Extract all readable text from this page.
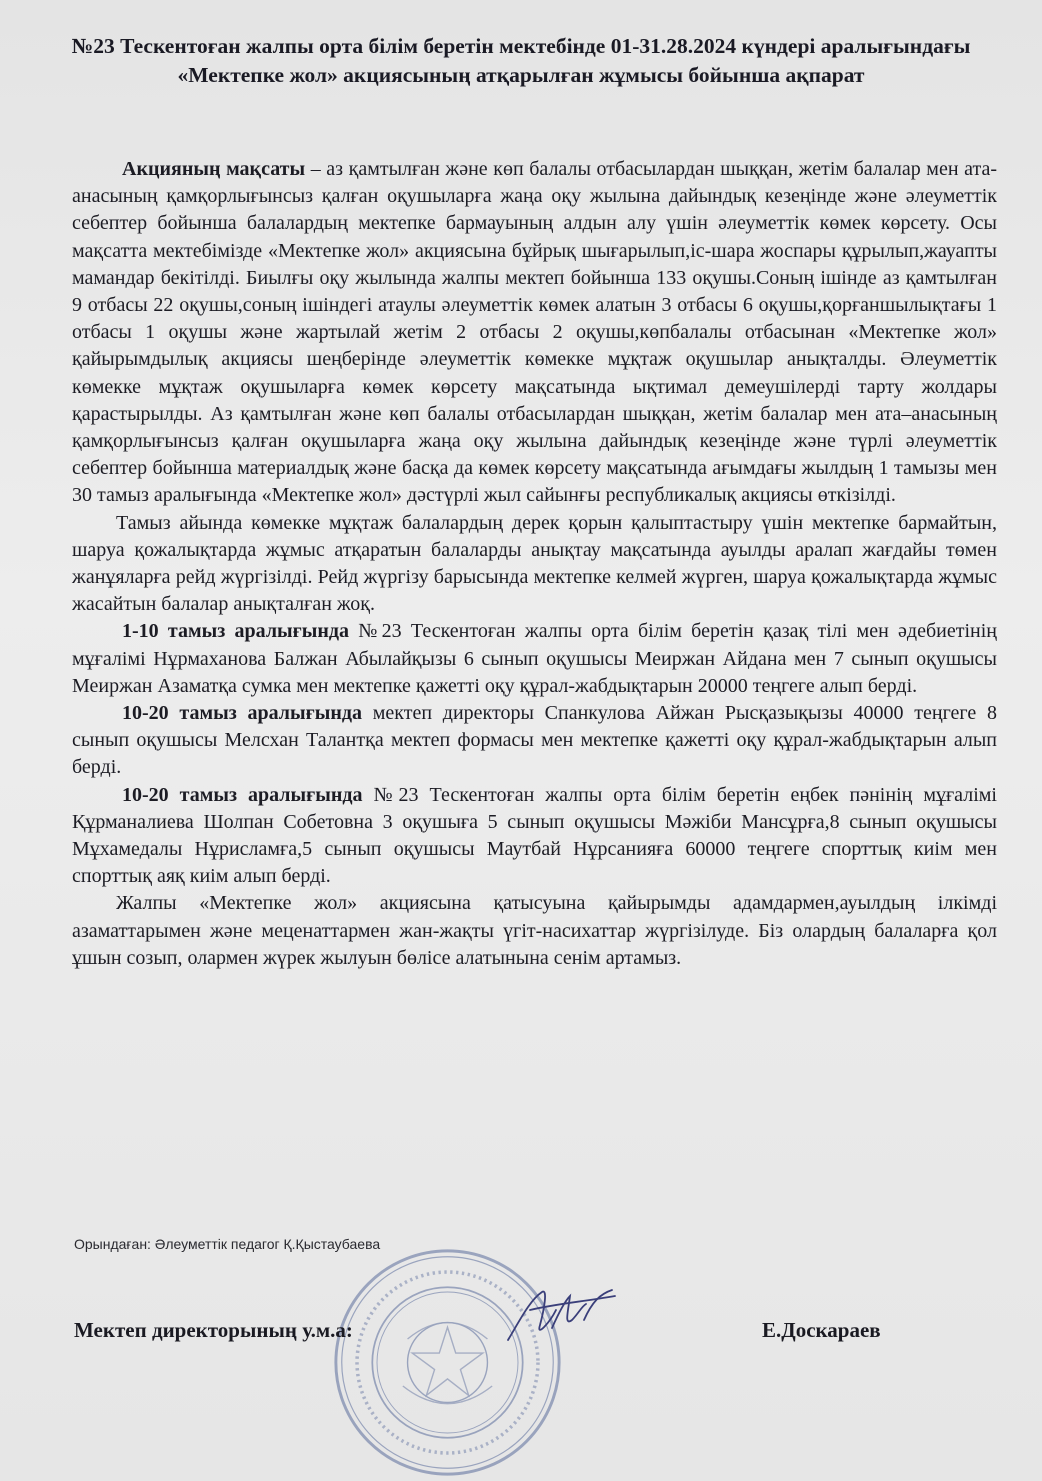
№23 Тескентоған жалпы орта білім беретін мектебінде 01-31.28.2024 күндері аралығындағы «Мектепке жол» акциясының атқарылған жұмысы бойынша ақпарат

Акцияның мақсаты – аз қамтылған және көп балалы отбасылардан шыққан, жетім балалар мен ата-анасының қамқорлығынсыз қалған оқушыларға жаңа оқу жылына дайындық кезеңінде және әлеуметтік себептер бойынша балалардың мектепке бармауының алдын алу үшін әлеуметтік көмек көрсету. Осы мақсатта мектебімізде «Мектепке жол» акциясына бұйрық шығарылып,іс-шара жоспары құрылып,жауапты мамандар бекітілді. Биылғы оқу жылында жалпы мектеп бойынша 133 оқушы.Соның ішінде аз қамтылған 9 отбасы 22 оқушы,соның ішіндегі атаулы әлеуметтік көмек алатын 3 отбасы 6 оқушы,қорғаншылықтағы 1 отбасы 1 оқушы және жартылай жетім 2 отбасы 2 оқушы,көпбалалы отбасынан «Мектепке жол» қайырымдылық акциясы шеңберінде әлеуметтік көмекке мұқтаж оқушылар анықталды. Әлеуметтік көмекке мұқтаж оқушыларға көмек көрсету мақсатында ықтимал демеушілерді тарту жолдары қарастырылды. Аз қамтылған және көп балалы отбасылардан шыққан, жетім балалар мен ата–анасының қамқорлығынсыз қалған оқушыларға жаңа оқу жылына дайындық кезеңінде және түрлі әлеуметтік себептер бойынша материалдық және басқа да көмек көрсету мақсатында ағымдағы жылдың 1 тамызы мен 30 тамыз аралығында «Мектепке жол» дәстүрлі жыл сайынғы республикалық акциясы өткізілді.

Тамыз айында көмекке мұқтаж балалардың дерек қорын қалыптастыру үшін мектепке бармайтын, шаруа қожалықтарда жұмыс атқаратын балаларды анықтау мақсатында ауылды аралап жағдайы төмен жанұяларға рейд жүргізілді. Рейд жүргізу барысында мектепке келмей жүрген, шаруа қожалықтарда жұмыс жасайтын балалар анықталған жоқ.

1-10 тамыз аралығында №23 Тескентоған жалпы орта білім беретін қазақ тілі мен әдебиетінің мұғалімі Нұрмаханова Балжан Абылайқызы 6 сынып оқушысы Меиржан Айдана мен 7 сынып оқушысы Меиржан Азаматқа сумка мен мектепке қажетті оқу құрал-жабдықтарын 20000 теңгеге алып берді.

10-20 тамыз аралығында мектеп директоры Спанкулова Айжан Рысқазықызы 40000 теңгеге 8 сынып оқушысы Мелсхан Талантқа мектеп формасы мен мектепке қажетті оқу құрал-жабдықтарын алып берді.

10-20 тамыз аралығында №23 Тескентоған жалпы орта білім беретін еңбек пәнінің мұғалімі Құрманалиева Шолпан Собетовна 3 оқушыға 5 сынып оқушысы Мәжіби Мансұрға,8 сынып оқушысы Мұхамедалы Нұрисламға,5 сынып оқушысы Маутбай Нұрсанияға 60000 теңгеге спорттық киім мен спорттық аяқ киім алып берді.

Жалпы «Мектепке жол» акциясына қатысуына қайырымды адамдармен,ауылдың ілкімді азаматтарымен және меценаттармен жан-жақты үгіт-насихаттар жүргізілуде. Біз олардың балаларға қол ұшын созып, олармен жүрек жылуын бөлісе алатынына сенім артамыз.

Орындаған: Әлеуметтік педагог Қ.Қыстаубаева
Мектеп директорының у.м.а:	Е.Доскараев
